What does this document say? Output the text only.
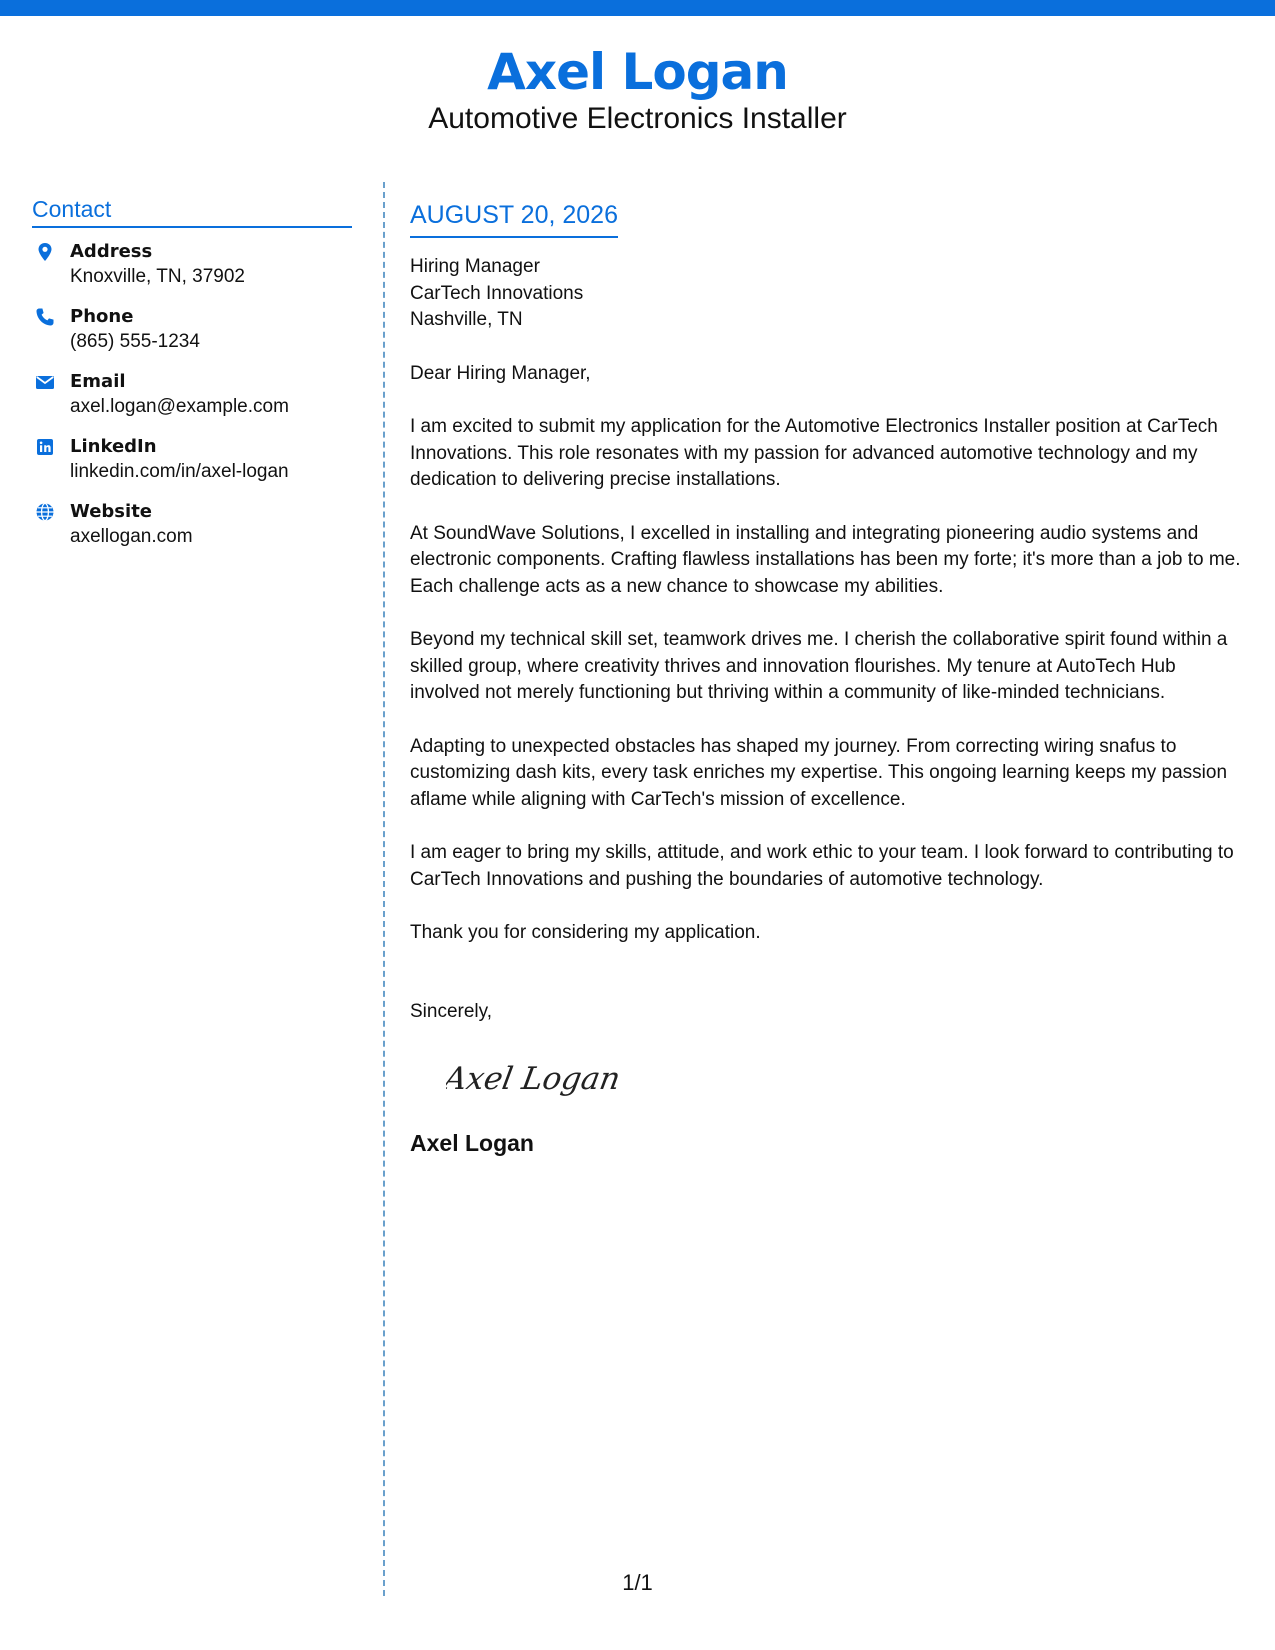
Axel Logan
Automotive Electronics Installer
Contact
Address
Knoxville, TN, 37902
Phone
(865) 555-1234
Email
axel.logan@example.com
LinkedIn
linkedin.com/in/axel-logan
Website
axellogan.com
AUGUST 20, 2026
Hiring Manager
CarTech Innovations
Nashville, TN
Dear Hiring Manager,

I am excited to submit my application for the Automotive Electronics Installer position at CarTech Innovations. This role resonates with my passion for advanced automotive technology and my dedication to delivering precise installations.

At SoundWave Solutions, I excelled in installing and integrating pioneering audio systems and electronic components. Crafting flawless installations has been my forte; it's more than a job to me. Each challenge acts as a new chance to showcase my abilities.

Beyond my technical skill set, teamwork drives me. I cherish the collaborative spirit found within a skilled group, where creativity thrives and innovation flourishes. My tenure at AutoTech Hub involved not merely functioning but thriving within a community of like-minded technicians.

Adapting to unexpected obstacles has shaped my journey. From correcting wiring snafus to customizing dash kits, every task enriches my expertise. This ongoing learning keeps my passion aflame while aligning with CarTech's mission of excellence.

I am eager to bring my skills, attitude, and work ethic to your team. I look forward to contributing to CarTech Innovations and pushing the boundaries of automotive technology.

Thank you for considering my application.
Sincerely,
Axel Logan
Axel Logan
1/1
